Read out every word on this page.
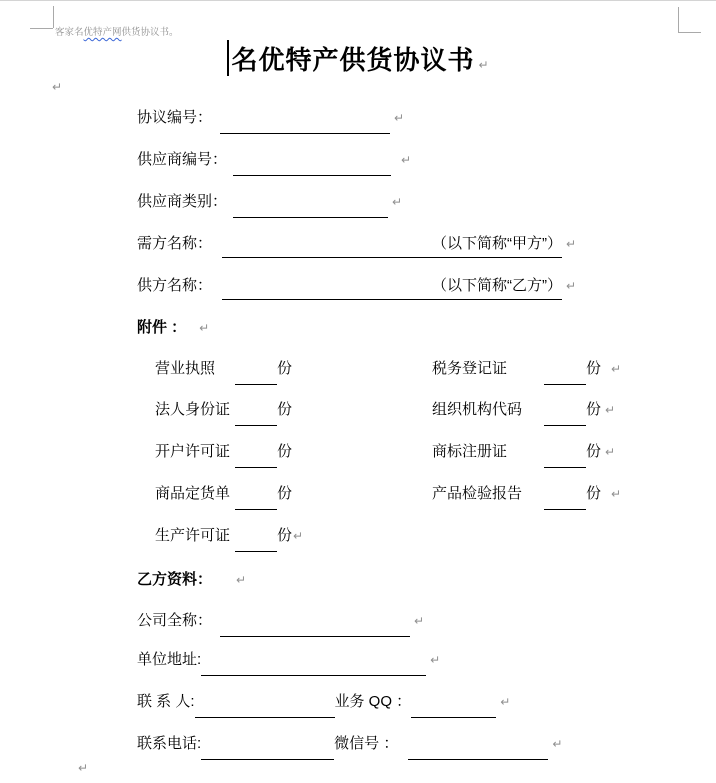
客家名优特产网供货协议书。
名优特产供货协议书 ↵
↵
协议编号：	↵
供应商编号：	↵
供应商类别：	↵
需方名称：	（以下简称“甲方”） ↵
供方名称：	（以下简称“乙方”） ↵
附件 ： ↵
营业执照	份	税务登记证	份 ↵
法人身份证	份	组织机构代码	份 ↵
开户许可证	份	商标注册证	份 ↵
商品定货单	份	产品检验报告	份 ↵
生产许可证	份↵
乙方资料： ↵
公司全称：	↵
单位地址:	↵
联 系 人:	业务 QQ ：	↵
联系电话:	微信号 ：	↵
↵
